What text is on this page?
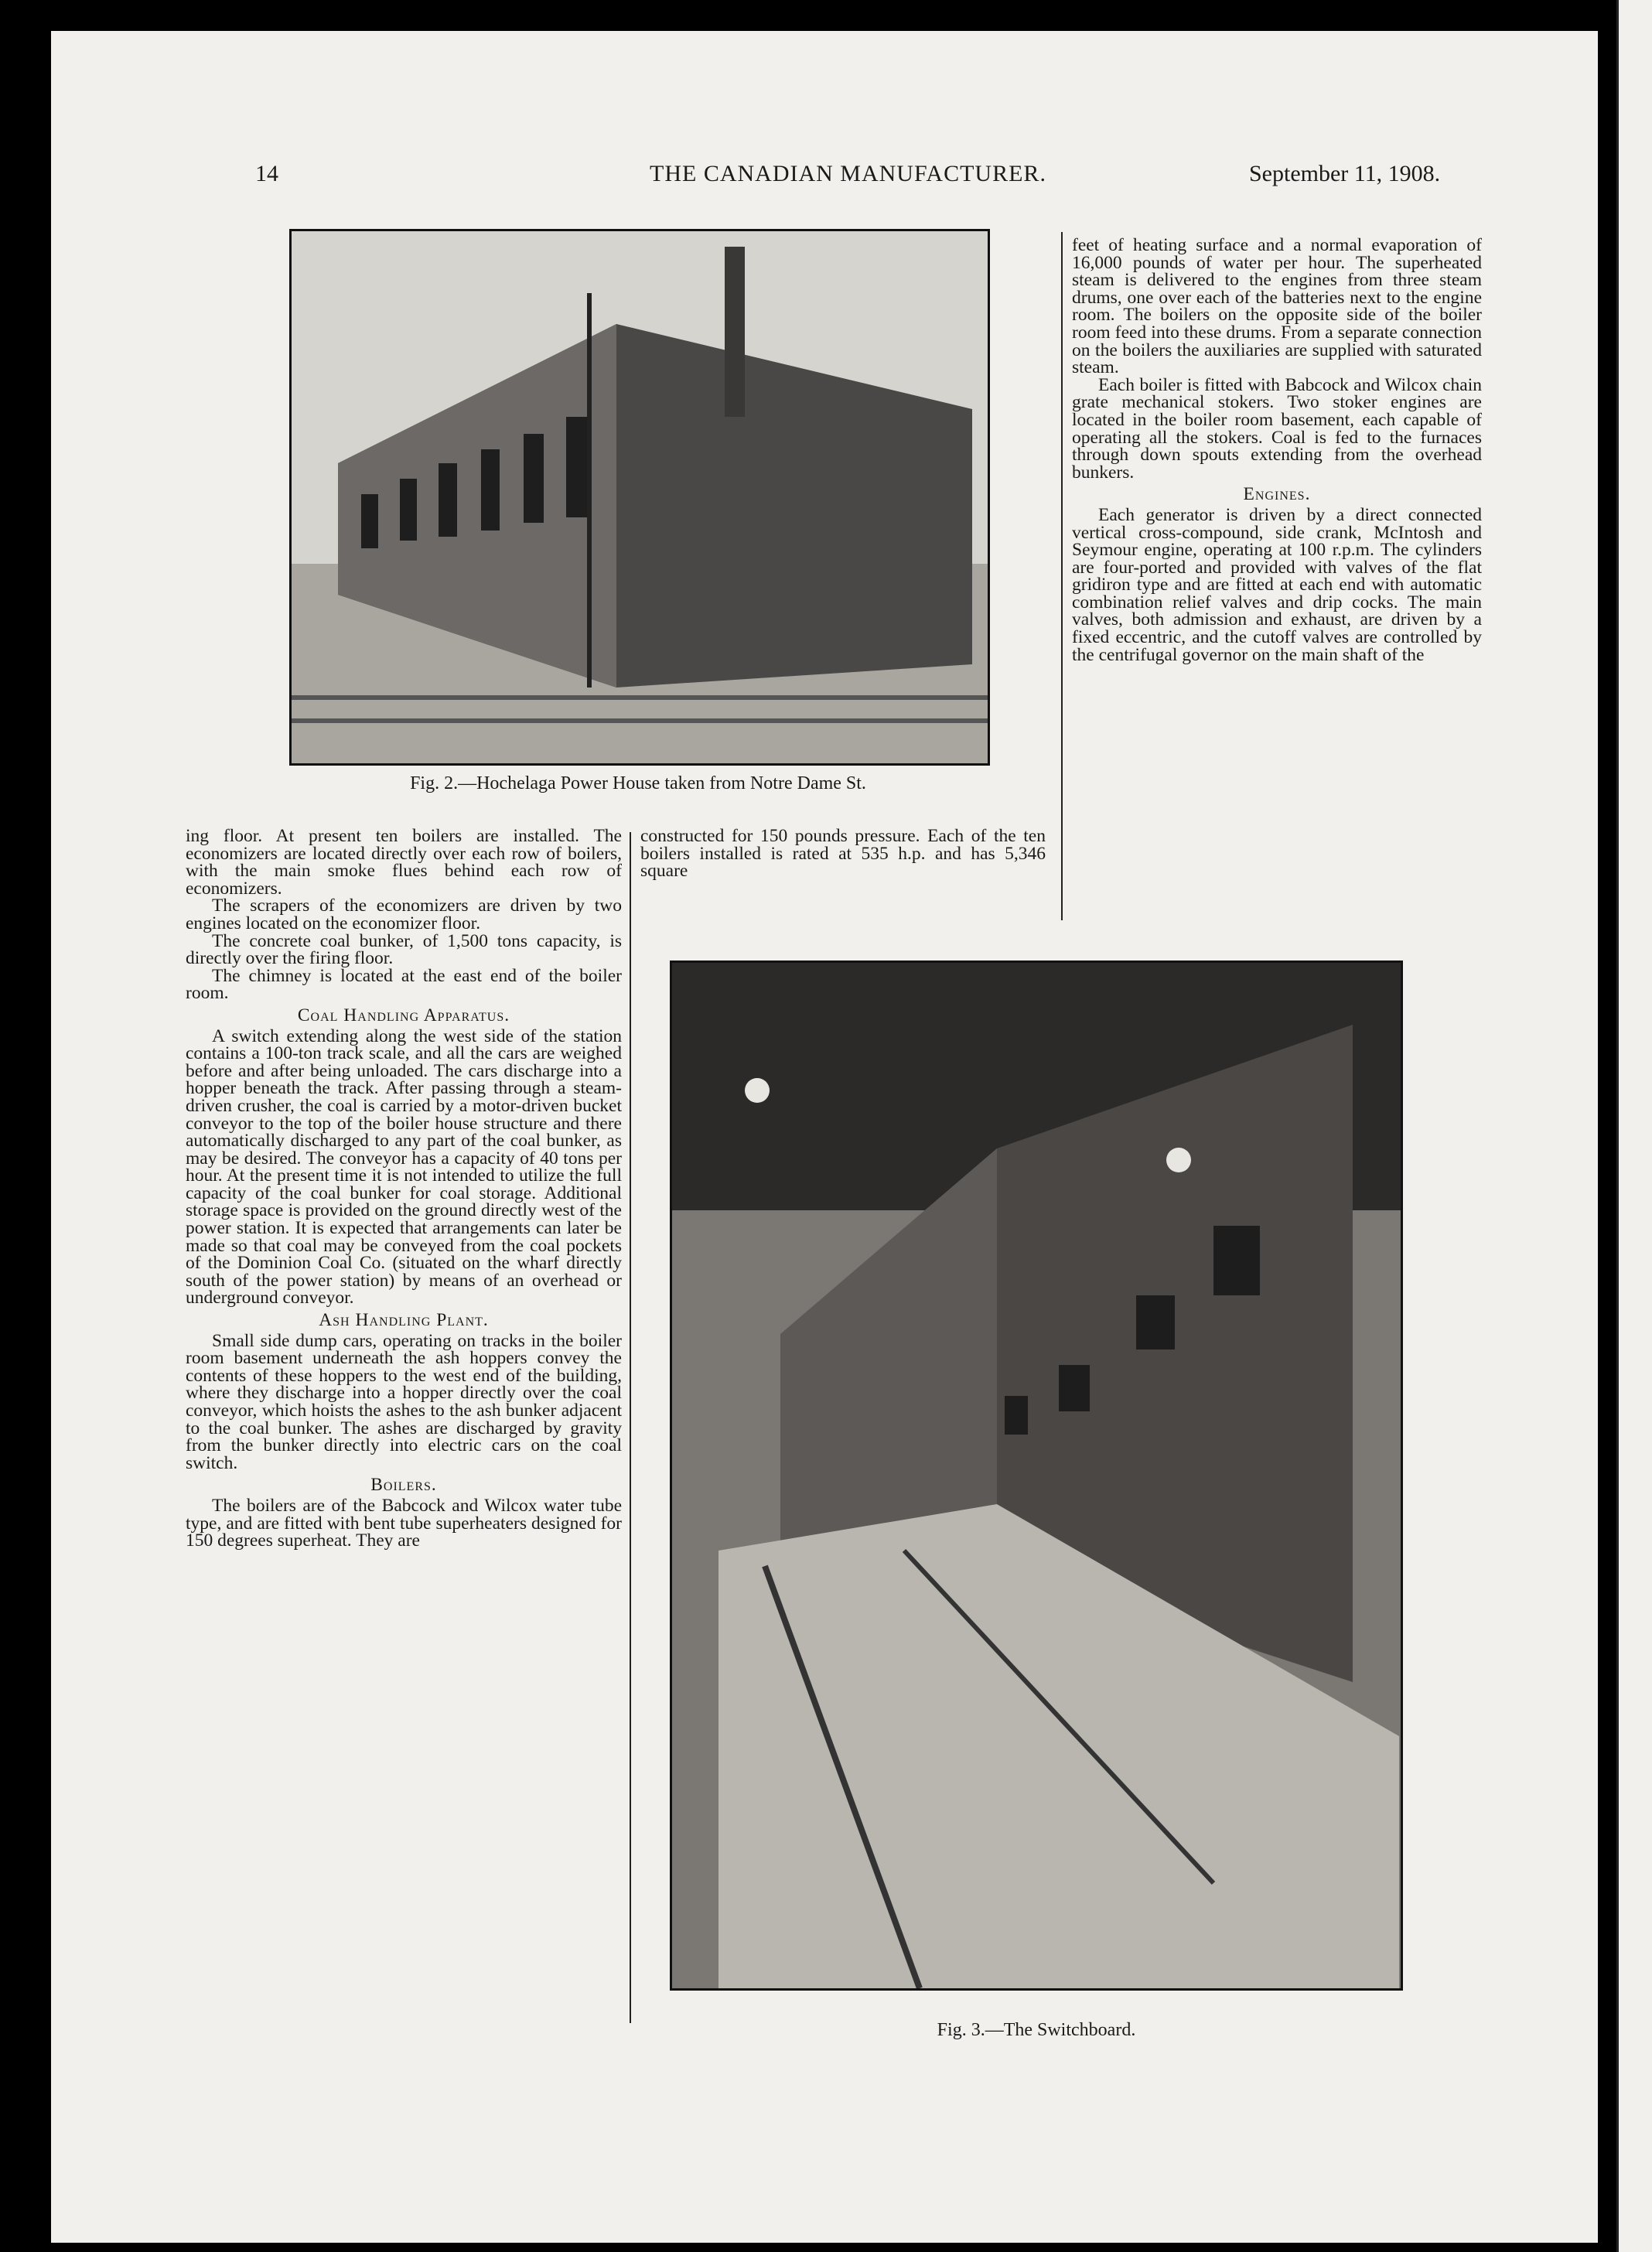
14	THE CANADIAN MANUFACTURER.	September 11, 1908.
Fig. 2.—Hochelaga Power House taken from Notre Dame St.
Fig. 3.—The Switchboard.

ing floor. At present ten boilers are installed. The economizers are located directly over each row of boilers, with the main smoke flues behind each row of economizers.

The scrapers of the economizers are driven by two engines located on the economizer floor.

The concrete coal bunker, of 1,500 tons capacity, is directly over the firing floor.

The chimney is located at the east end of the boiler room.

Coal Handling Apparatus.

A switch extending along the west side of the station contains a 100-ton track scale, and all the cars are weighed before and after being unloaded. The cars discharge into a hopper beneath the track. After passing through a steam-driven crusher, the coal is carried by a motor-driven bucket conveyor to the top of the boiler house structure and there automatically discharged to any part of the coal bunker, as may be desired. The conveyor has a capacity of 40 tons per hour. At the present time it is not intended to utilize the full capacity of the coal bunker for coal storage. Additional storage space is provided on the ground directly west of the power station. It is expected that arrangements can later be made so that coal may be conveyed from the coal pockets of the Dominion Coal Co. (situated on the wharf directly south of the power station) by means of an overhead or underground conveyor.

Ash Handling Plant.

Small side dump cars, operating on tracks in the boiler room basement underneath the ash hoppers convey the contents of these hoppers to the west end of the building, where they discharge into a hopper directly over the coal conveyor, which hoists the ashes to the ash bunker adjacent to the coal bunker. The ashes are discharged by gravity from the bunker directly into electric cars on the coal switch.

Boilers.

The boilers are of the Babcock and Wilcox water tube type, and are fitted with bent tube superheaters designed for 150 degrees superheat. They are

constructed for 150 pounds pressure. Each of the ten boilers installed is rated at 535 h.p. and has 5,346 square

feet of heating surface and a normal evaporation of 16,000 pounds of water per hour. The superheated steam is delivered to the engines from three steam drums, one over each of the batteries next to the engine room. The boilers on the opposite side of the boiler room feed into these drums. From a separate connection on the boilers the auxiliaries are supplied with saturated steam.

Each boiler is fitted with Babcock and Wilcox chain grate mechanical stokers. Two stoker engines are located in the boiler room basement, each capable of operating all the stokers. Coal is fed to the furnaces through down spouts extending from the overhead bunkers.

Engines.

Each generator is driven by a direct connected vertical cross-compound, side crank, McIntosh and Seymour engine, operating at 100 r.p.m. The cylinders are four-ported and provided with valves of the flat gridiron type and are fitted at each end with automatic combination relief valves and drip cocks. The main valves, both admission and exhaust, are driven by a fixed eccentric, and the cutoff valves are controlled by the centrifugal governor on the main shaft of the
